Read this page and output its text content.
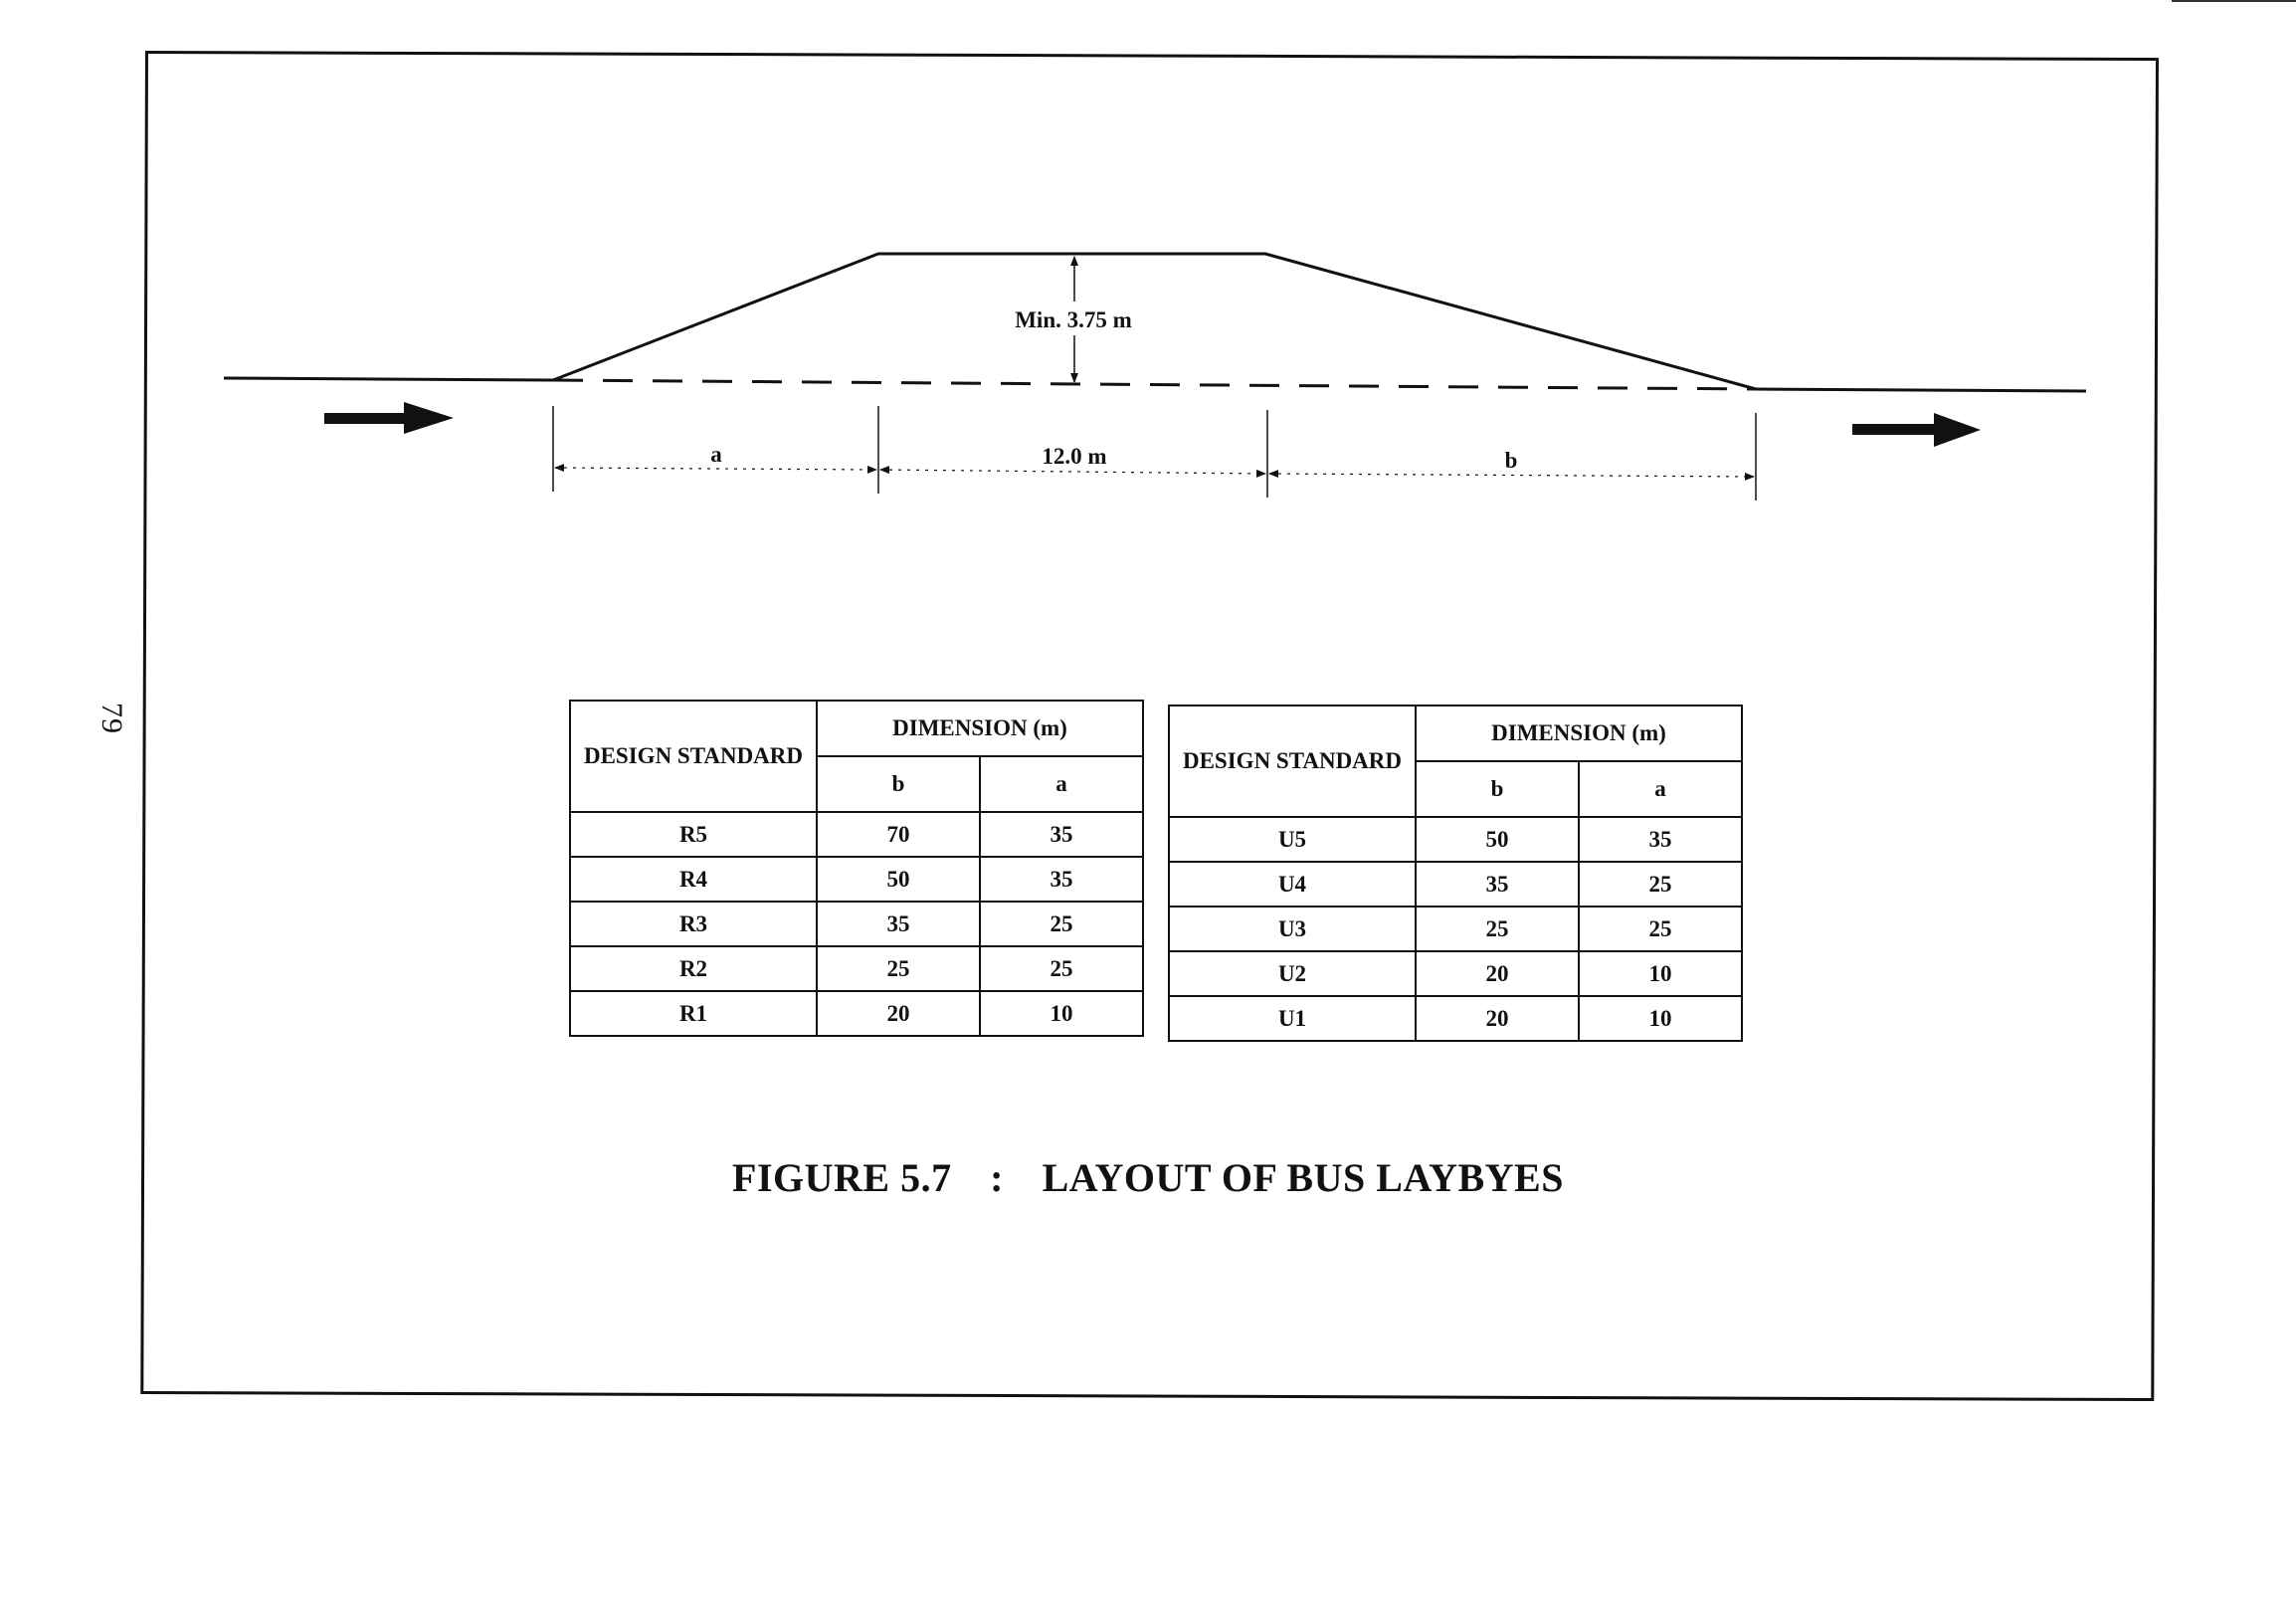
79
Min. 3.75 m
a	12.0 m	b
DESIGN STANDARD	DIMENSION (m)	
	b	a
R5	70	35
R4	50	35
R3	35	25
R2	25	25
R1	20	10
DESIGN STANDARD	DIMENSION (m)	
	b	a
U5	50	35
U4	35	25
U3	25	25
U2	20	10
U1	20	10
FIGURE 5.7 : LAYOUT OF BUS LAYBYES
